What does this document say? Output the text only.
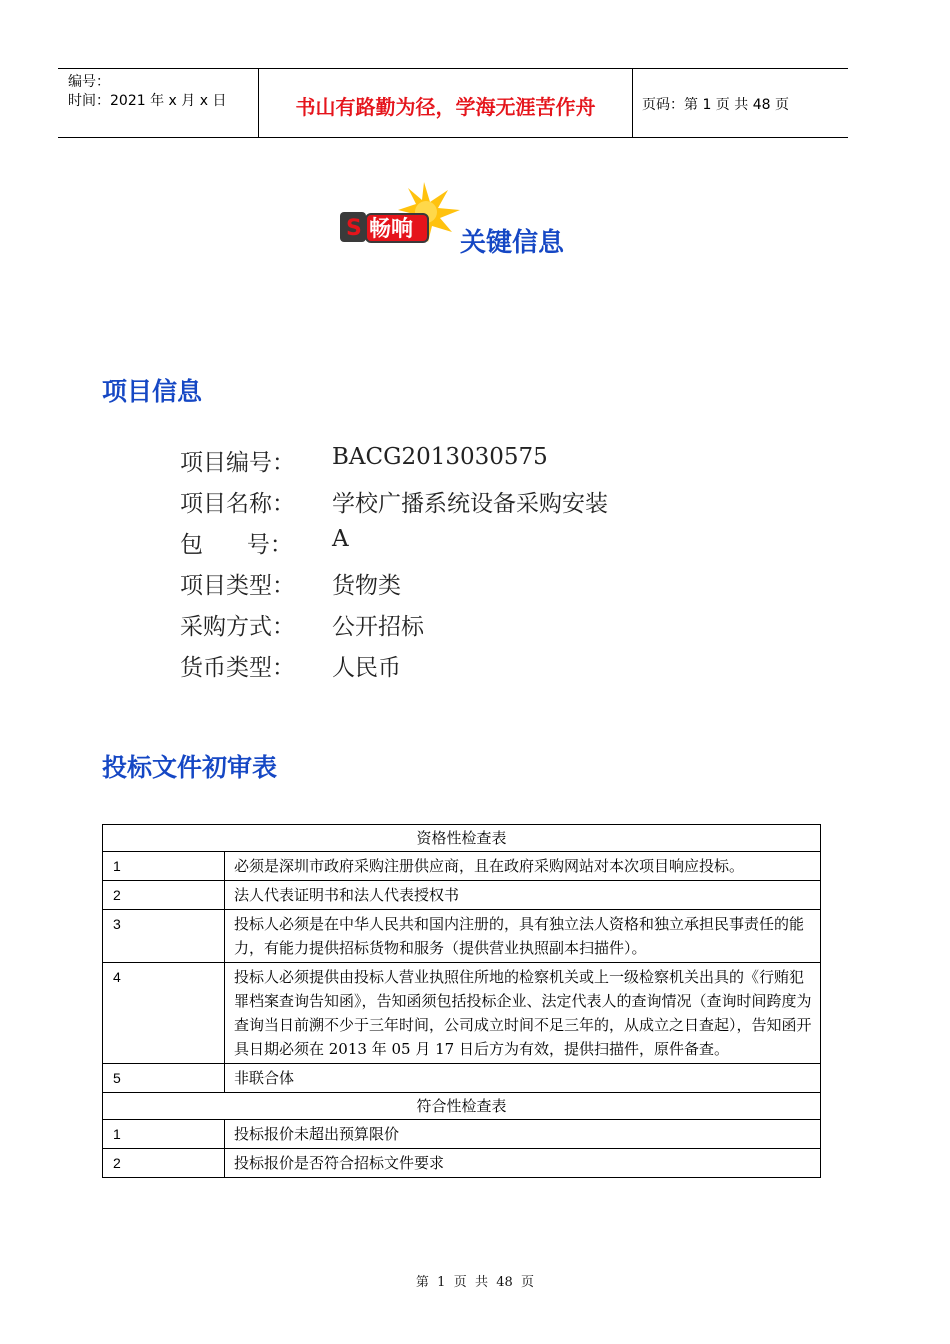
编号：
时间：2021 年 x 月 x 日	书山有路勤为径，学海无涯苦作舟	页码：第 1 页 共 48 页
S 畅响 关键信息
项目信息
项目编号：	BACG2013030575
项目名称：	学校广播系统设备采购安装
包      号：	A
项目类型：	货物类
采购方式：	公开招标
货币类型：	人民币
投标文件初审表
资格性检查表	
1	必须是深圳市政府采购注册供应商，且在政府采购网站对本次项目响应投标。
2	法人代表证明书和法人代表授权书
3	投标人必须是在中华人民共和国内注册的，具有独立法人资格和独立承担民事责任的能力，有能力提供招标货物和服务（提供营业执照副本扫描件）。
4	投标人必须提供由投标人营业执照住所地的检察机关或上一级检察机关出具的《行贿犯罪档案查询告知函》，告知函须包括投标企业、法定代表人的查询情况（查询时间跨度为查询当日前溯不少于三年时间，公司成立时间不足三年的，从成立之日查起），告知函开具日期必须在 2013 年 05 月 17 日后方为有效，提供扫描件，原件备查。
5	非联合体
符合性检查表	
1	投标报价未超出预算限价
2	投标报价是否符合招标文件要求
第  1  页  共  48  页
